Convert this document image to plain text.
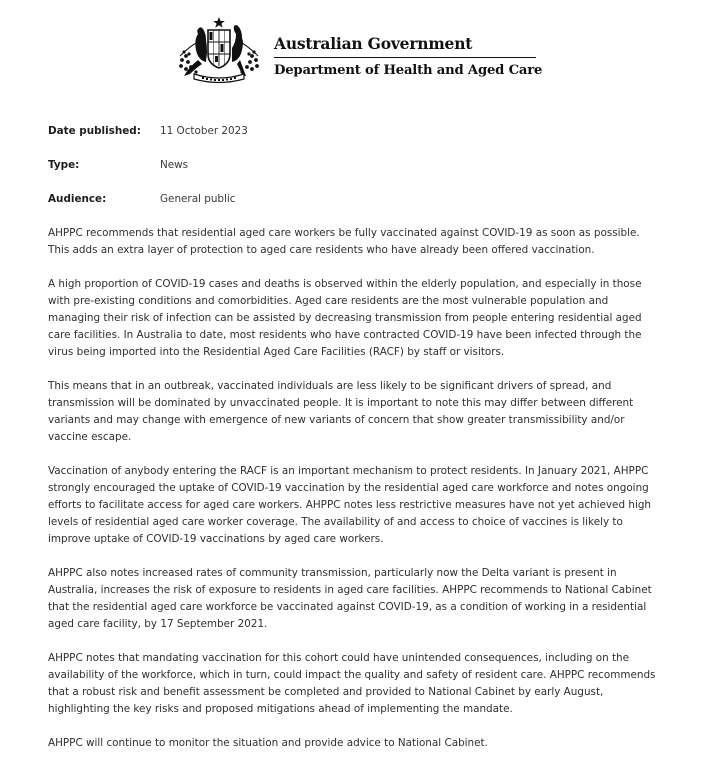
Australian Government
Department of Health and Aged Care
Date published: 11 October 2023
Type:	News
Audience:	General public

AHPPC recommends that residential aged care workers be fully vaccinated against COVID-19 as soon as possible. This adds an extra layer of protection to aged care residents who have already been offered vaccination.

A high proportion of COVID-19 cases and deaths is observed within the elderly population, and especially in those with pre-existing conditions and comorbidities. Aged care residents are the most vulnerable population and managing their risk of infection can be assisted by decreasing transmission from people entering residential aged care facilities. In Australia to date, most residents who have contracted COVID-19 have been infected through the virus being imported into the Residential Aged Care Facilities (RACF) by staff or visitors.

This means that in an outbreak, vaccinated individuals are less likely to be significant drivers of spread, and transmission will be dominated by unvaccinated people. It is important to note this may differ between different variants and may change with emergence of new variants of concern that show greater transmissibility and/or vaccine escape.

Vaccination of anybody entering the RACF is an important mechanism to protect residents. In January 2021, AHPPC strongly encouraged the uptake of COVID-19 vaccination by the residential aged care workforce and notes ongoing efforts to facilitate access for aged care workers. AHPPC notes less restrictive measures have not yet achieved high levels of residential aged care worker coverage. The availability of and access to choice of vaccines is likely to improve uptake of COVID-19 vaccinations by aged care workers.

AHPPC also notes increased rates of community transmission, particularly now the Delta variant is present in Australia, increases the risk of exposure to residents in aged care facilities. AHPPC recommends to National Cabinet that the residential aged care workforce be vaccinated against COVID-19, as a condition of working in a residential aged care facility, by 17 September 2021.

AHPPC notes that mandating vaccination for this cohort could have unintended consequences, including on the availability of the workforce, which in turn, could impact the quality and safety of resident care. AHPPC recommends that a robust risk and benefit assessment be completed and provided to National Cabinet by early August, highlighting the key risks and proposed mitigations ahead of implementing the mandate.

AHPPC will continue to monitor the situation and provide advice to National Cabinet.
